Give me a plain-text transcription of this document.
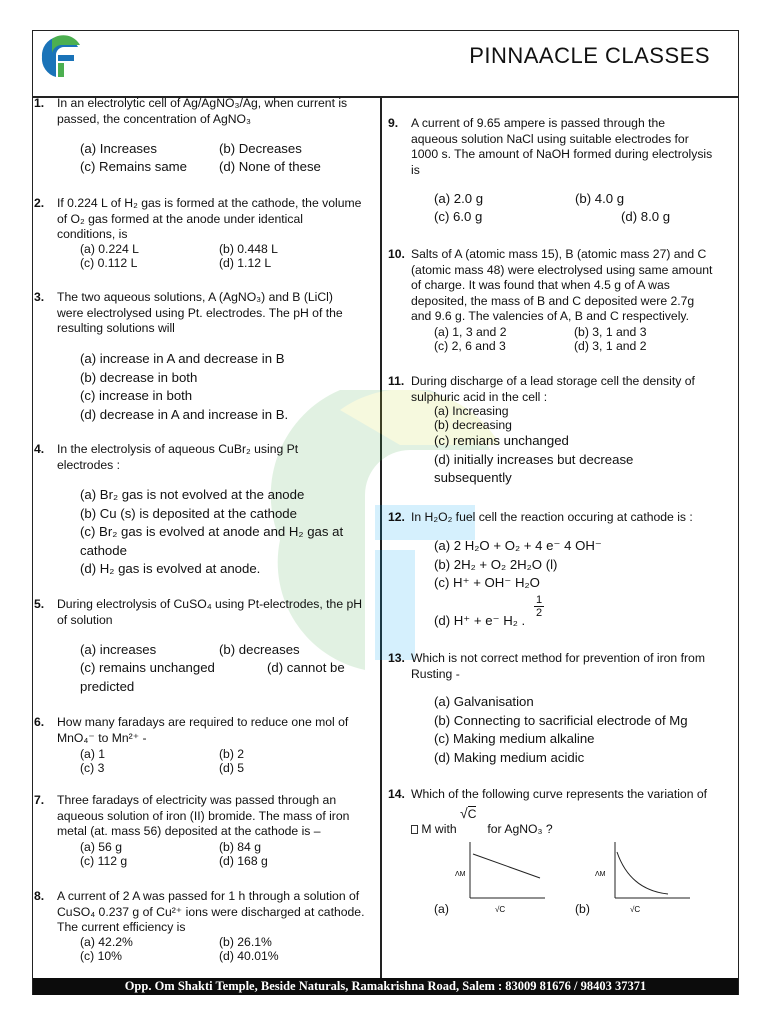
PINNAACLE CLASSES
1. In an electrolytic cell of Ag/AgNO₃/Ag, when current is
passed, the concentration of AgNO₃
(a) Increases	(b) Decreases
(c) Remains same (d) None of these
2. If 0.224 L of H₂ gas is formed at the cathode, the volume
of O₂ gas formed at the anode under identical
conditions, is
(a) 0.224 L	(b) 0.448 L
(c) 0.112 L	(d) 1.12 L
3. The two aqueous solutions, A (AgNO₃) and B (LiCl)
were electrolysed using Pt. electrodes. The pH of the
resulting solutions will
(a) increase in A and decrease in B
(b) decrease in both
(c) increase in both
(d) decrease in A and increase in B.
4. In the electrolysis of aqueous CuBr₂ using Pt
electrodes :
(a) Br₂ gas is not evolved at the anode
(b) Cu (s) is deposited at the cathode
(c) Br₂ gas is evolved at anode and H₂ gas at
cathode
(d) H₂ gas is evolved at anode.
5. During electrolysis of CuSO₄ using Pt-electrodes, the pH
of solution
(a) increases	(b) decreases
(c) remains unchanged	(d) cannot be
predicted
6. How many faradays are required to reduce one mol of
MnO₄⁻ to Mn²⁺ -
(a) 1	(b) 2
(c) 3	(d) 5
7. Three faradays of electricity was passed through an
aqueous solution of iron (II) bromide. The mass of iron
metal (at. mass 56) deposited at the cathode is –
(a) 56 g	(b) 84 g
(c) 112 g	(d) 168 g
8. A current of 2 A was passed for 1 h through a solution of
CuSO₄ 0.237 g of Cu²⁺ ions were discharged at cathode.
The current efficiency is
(a) 42.2%	(b) 26.1%
(c) 10%	(d) 40.01%
9. A current of 9.65 ampere is passed through the
aqueous solution NaCl using suitable electrodes for
1000 s. The amount of NaOH formed during electrolysis
is
(a) 2.0 g	(b) 4.0 g
(c) 6.0 g	(d) 8.0 g
10. Salts of A (atomic mass 15), B (atomic mass 27) and C
(atomic mass 48) were electrolysed using same amount
of charge. It was found that when 4.5 g of A was
deposited, the mass of B and C deposited were 2.7g
and 9.6 g. The valencies of A, B and C respectively.
(a) 1, 3 and 2	(b) 3, 1 and 3
(c) 2, 6 and 3	(d) 3, 1 and 2
11. During discharge of a lead storage cell the density of
sulphuric acid in the cell :
(a) Increasing
(b) decreasing
(c) remians unchanged
(d) initially increases but decrease
subsequently
12. In H₂O₂ fuel cell the reaction occuring at cathode is :
(a) 2 H₂O + O₂ + 4 e⁻ 4 OH⁻
(b) 2H₂ + O₂ 2H₂O (l)
(c) H⁺ + OH⁻ H₂O
$\frac{1}{2}$
(d) H⁺ + e⁻ H₂ .
13. Which is not correct method for prevention of iron from
Rusting -
(a) Galvanisation
(b) Connecting to sacrificial electrode of Mg
(c) Making medium alkaline
(d) Making medium acidic
14. Which of the following curve represents the variation of
√C
M with	for AgNO₃ ?
ΛM
√C
(a)
ΛM
√C
(b)
Opp. Om Shakti Temple, Beside Naturals, Ramakrishna Road, Salem : 83009 81676 / 98403 37371
